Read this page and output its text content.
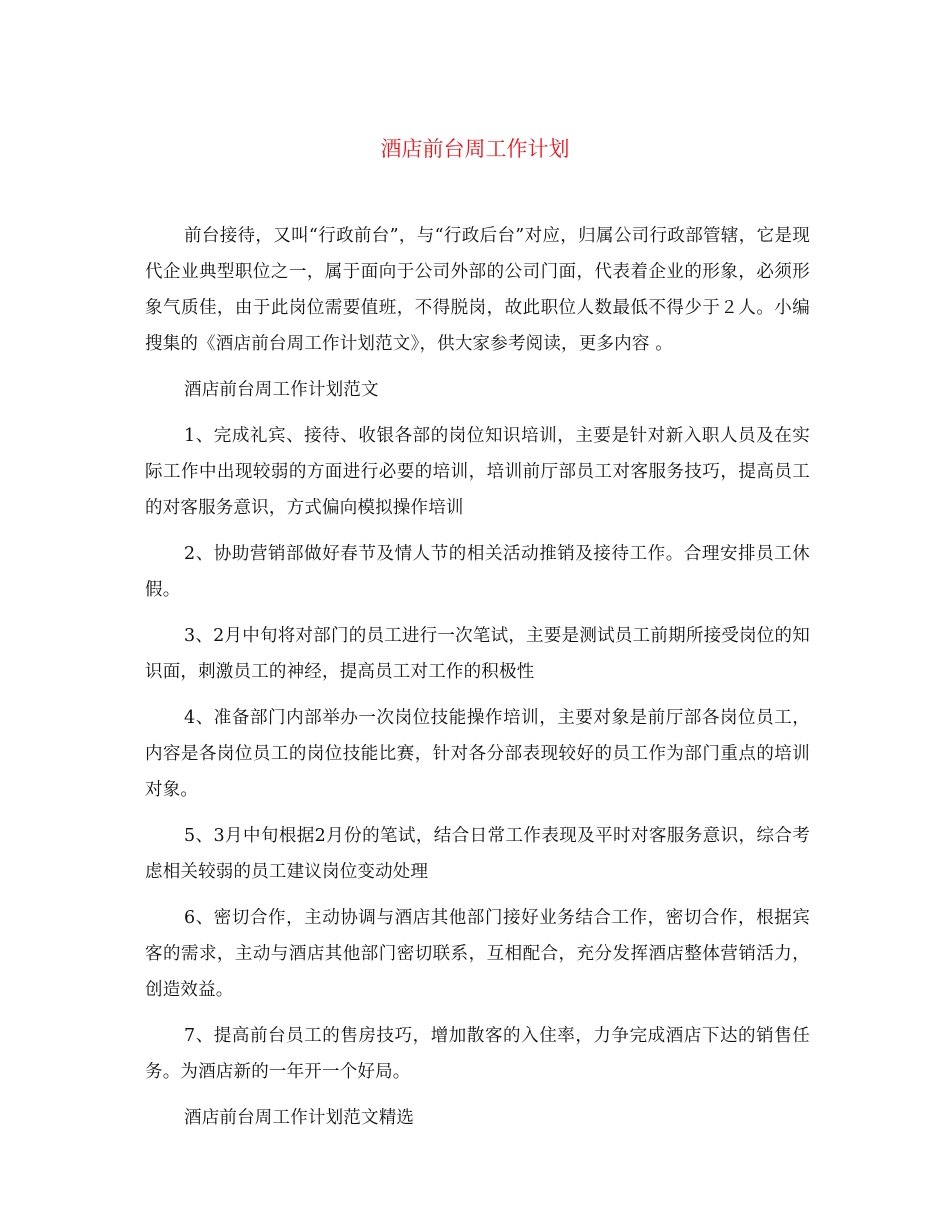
酒店前台周工作计划

前台接待，又叫“行政前台”，与“行政后台”对应，归属公司行政部管辖，它是现代企业典型职位之一，属于面向于公司外部的公司门面，代表着企业的形象，必须形象气质佳，由于此岗位需要值班，不得脱岗，故此职位人数最低不得少于２人。小编搜集的《酒店前台周工作计划范文》，供大家参考阅读，更多内容 。

酒店前台周工作计划范文

1、完成礼宾、接待、收银各部的岗位知识培训，主要是针对新入职人员及在实际工作中出现较弱的方面进行必要的培训，培训前厅部员工对客服务技巧，提高员工的对客服务意识，方式偏向模拟操作培训

2、协助营销部做好春节及情人节的相关活动推销及接待工作。合理安排员工休假。

3、2月中旬将对部门的员工进行一次笔试，主要是测试员工前期所接受岗位的知识面，刺激员工的神经，提高员工对工作的积极性

4、准备部门内部举办一次岗位技能操作培训，主要对象是前厅部各岗位员工，内容是各岗位员工的岗位技能比赛，针对各分部表现较好的员工作为部门重点的培训对象。

5、3月中旬根据2月份的笔试，结合日常工作表现及平时对客服务意识，综合考虑相关较弱的员工建议岗位变动处理

6、密切合作，主动协调与酒店其他部门接好业务结合工作，密切合作，根据宾客的需求，主动与酒店其他部门密切联系，互相配合，充分发挥酒店整体营销活力，创造效益。

7、提高前台员工的售房技巧，增加散客的入住率，力争完成酒店下达的销售任务。为酒店新的一年开一个好局。

酒店前台周工作计划范文精选
